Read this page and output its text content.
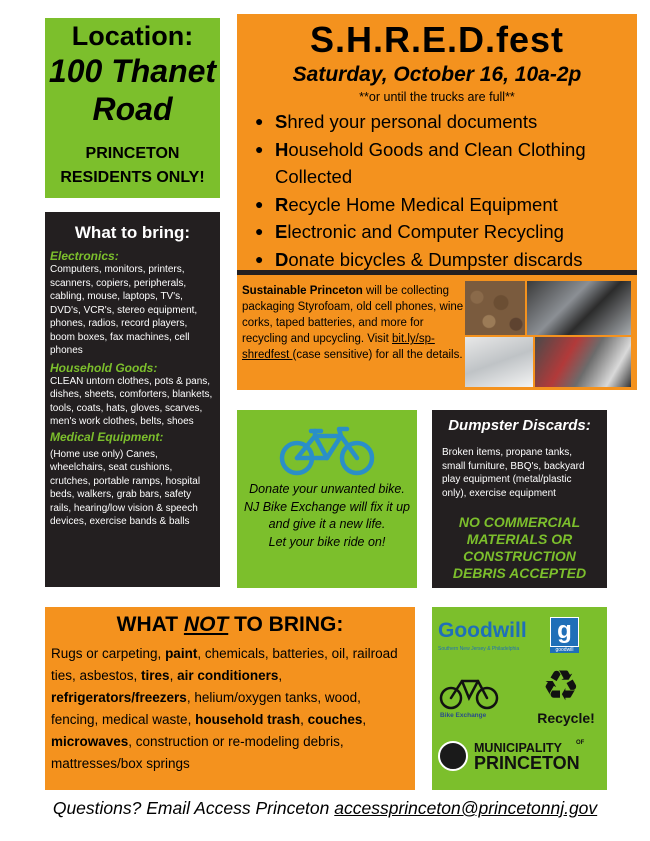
Location:
100 Thanet Road
PRINCETON RESIDENTS ONLY!
S.H.R.E.D.fest
Saturday, October 16, 10a-2p
**or until the trucks are full**
● Shred your personal documents
● Household Goods and Clean Clothing Collected
● Recycle Home Medical Equipment
● Electronic and Computer Recycling
● Donate bicycles & Dumpster discards
Sustainable Princeton will be collecting packaging Styrofoam, old cell phones, wine corks, taped batteries, and more for recycling and upcycling. Visit bit.ly/sp-shredfest (case sensitive) for all the details.
What to bring:
Electronics:
Computers, monitors, printers, scanners, copiers, peripherals, cabling, mouse, laptops, TV's, DVD's, VCR's, stereo equipment, phones, radios, record players, boom boxes, fax machines, cell phones
Household Goods:
CLEAN untorn clothes, pots & pans, dishes, sheets, comforters, blankets, tools, coats, hats, gloves, scarves, men's work clothes, belts, shoes
Medical Equipment:
(Home use only) Canes, wheelchairs, seat cushions, crutches, portable ramps, hospital beds, walkers, grab bars, safety rails, hearing/low vision & speech devices, exercise bands & balls
Donate your unwanted bike. NJ Bike Exchange will fix it up and give it a new life.
Let your bike ride on!
Dumpster Discards:
Broken items, propane tanks, small furniture, BBQ's, backyard play equipment (metal/plastic only), exercise equipment
NO COMMERCIAL MATERIALS OR CONSTRUCTION DEBRIS ACCEPTED
WHAT NOT TO BRING:
Rugs or carpeting, paint, chemicals, batteries, oil, railroad ties, asbestos, tires, air conditioners, refrigerators/freezers, helium/oxygen tanks, wood, fencing, medical waste, household trash, couches, microwaves, construction or re-modeling debris, mattresses/box springs
Goodwill
Southern New Jersey & Philadelphia
g
goodwill
Bike Exchange
♻
Recycle!
MUNICIPALITY OF
PRINCETON
Questions? Email Access Princeton accessprinceton@princetonnj.gov
